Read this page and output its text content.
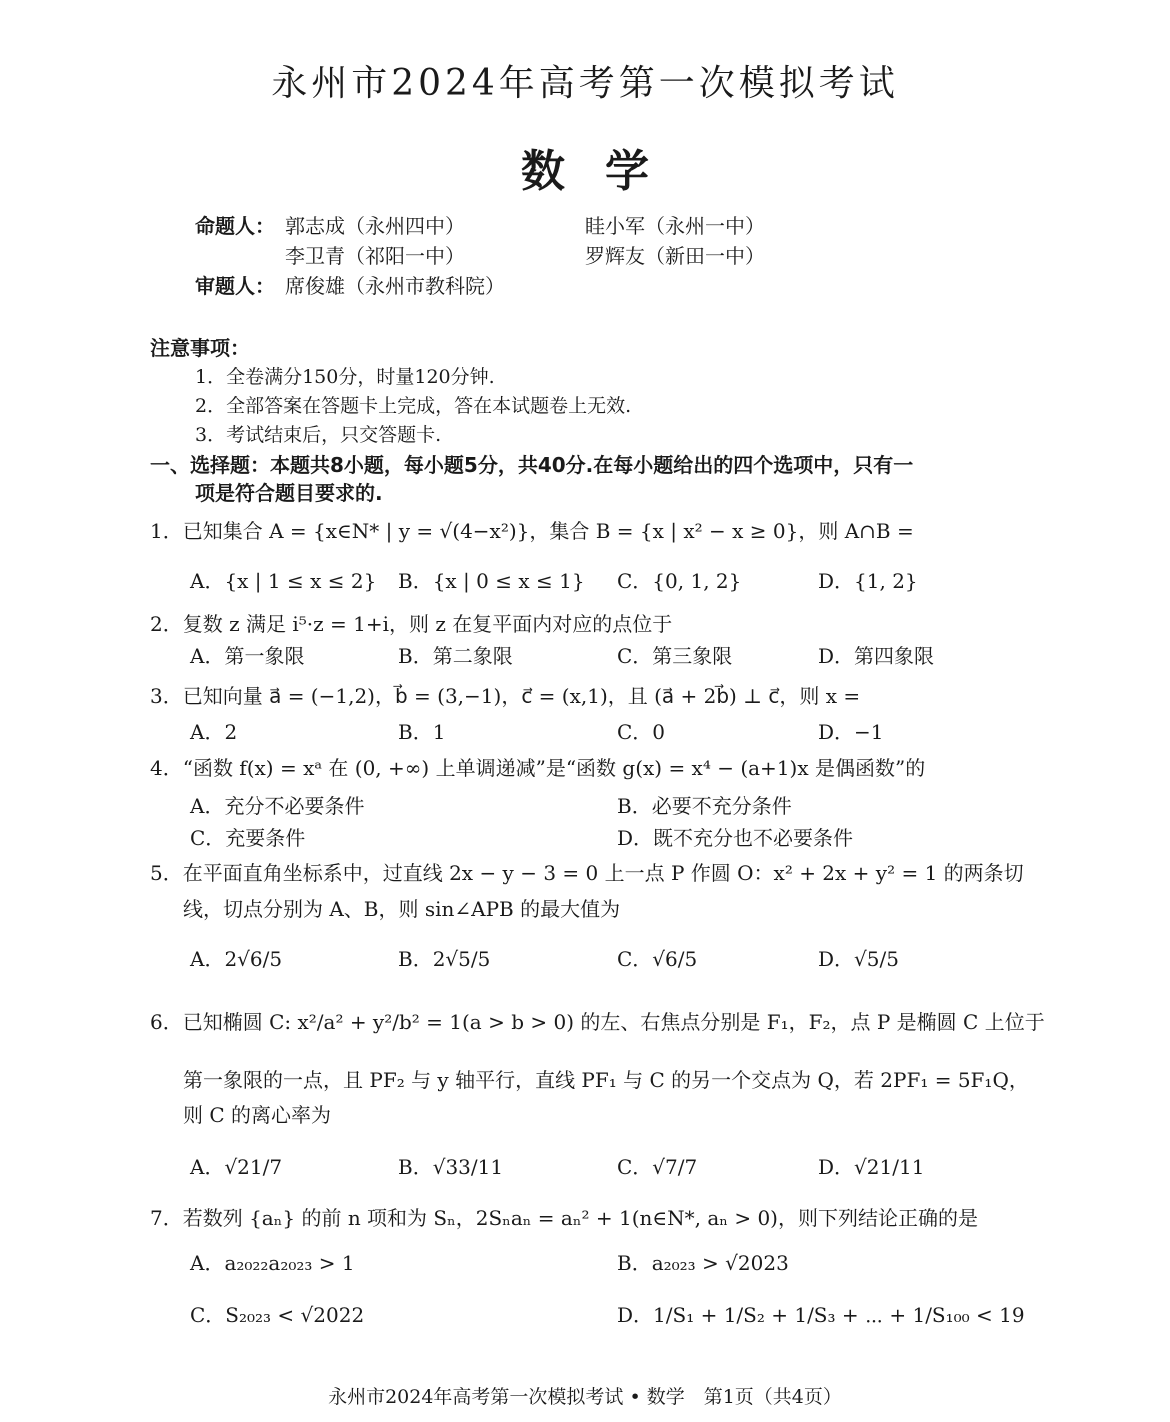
永州市2024年高考第一次模拟考试
数学
命题人： 郭志成（永州四中）	眭小军（永州一中）
李卫青（祁阳一中）	罗辉友（新田一中）
审题人： 席俊雄（永州市教科院）
注意事项：
1．全卷满分150分，时量120分钟.
2．全部答案在答题卡上完成，答在本试题卷上无效.
3．考试结束后，只交答题卡.
一、选择题：本题共8小题，每小题5分，共40分.在每小题给出的四个选项中，只有一
项是符合题目要求的.
1．已知集合 A = {x∈N* | y = √(4−x²)}，集合 B = {x | x² − x ≥ 0}，则 A∩B =
A．{x | 1 ≤ x ≤ 2} B．{x | 0 ≤ x ≤ 1} C．{0, 1, 2}	D．{1, 2}
2．复数 z 满足 i⁵·z = 1+i，则 z 在复平面内对应的点位于
A．第一象限	B．第二象限	C．第三象限	D．第四象限
3．已知向量 a⃗ = (−1,2)，b⃗ = (3,−1)，c⃗ = (x,1)，且 (a⃗ + 2b⃗) ⊥ c⃗，则 x =
A．2	B．1	C．0	D．−1
4．“函数 f(x) = xᵃ 在 (0, +∞) 上单调递减”是“函数 g(x) = x⁴ − (a+1)x 是偶函数”的
A．充分不必要条件	B．必要不充分条件
C．充要条件	D．既不充分也不必要条件
5．在平面直角坐标系中，过直线 2x − y − 3 = 0 上一点 P 作圆 O：x² + 2x + y² = 1 的两条切
线，切点分别为 A、B，则 sin∠APB 的最大值为
A．2√6/5	B．2√5/5	C．√6/5	D．√5/5
6．已知椭圆 C: x²/a² + y²/b² = 1(a > b > 0) 的左、右焦点分别是 F₁，F₂，点 P 是椭圆 C 上位于
第一象限的一点，且 PF₂ 与 y 轴平行，直线 PF₁ 与 C 的另一个交点为 Q，若 2PF₁ = 5F₁Q，
则 C 的离心率为
A．√21/7	B．√33/11	C．√7/7	D．√21/11
7．若数列 {aₙ} 的前 n 项和为 Sₙ，2Sₙaₙ = aₙ² + 1(n∈N*, aₙ > 0)，则下列结论正确的是
A．a₂₀₂₂a₂₀₂₃ > 1	B．a₂₀₂₃ > √2023
C．S₂₀₂₃ < √2022	D．1/S₁ + 1/S₂ + 1/S₃ + ⋯ + 1/S₁₀₀ < 19
永州市2024年高考第一次模拟考试 • 数学　第1页（共4页）
